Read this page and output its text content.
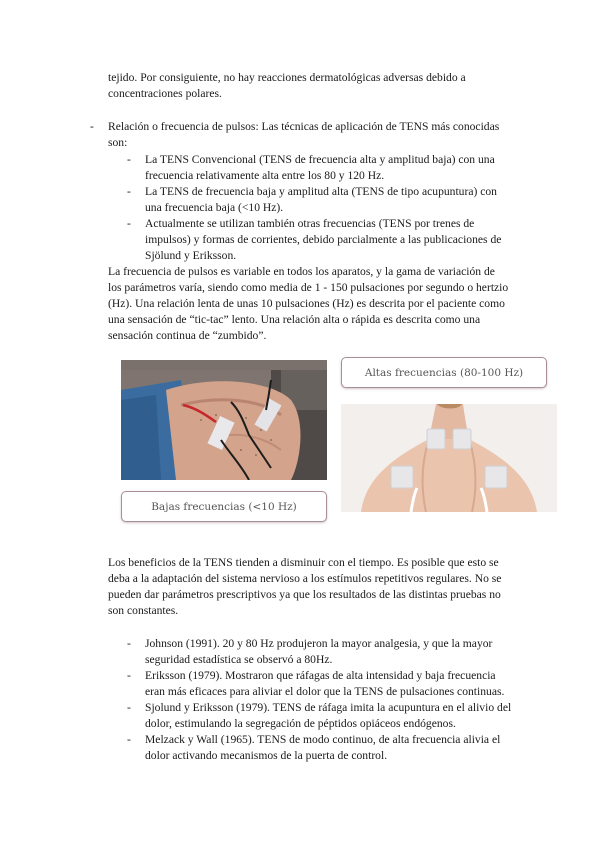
tejido. Por consiguiente, no hay reacciones dermatológicas adversas debido a
concentraciones polares.
- Relación o frecuencia de pulsos: Las técnicas de aplicación de TENS más conocidas
son:
- La TENS Convencional (TENS de frecuencia alta y amplitud baja) con una
frecuencia relativamente alta entre los 80 y 120 Hz.
- La TENS de frecuencia baja y amplitud alta (TENS de tipo acupuntura) con
una frecuencia baja (<10 Hz).
- Actualmente se utilizan también otras frecuencias (TENS por trenes de
impulsos) y formas de corrientes, debido parcialmente a las publicaciones de
Sjölund y Eriksson.
La frecuencia de pulsos es variable en todos los aparatos, y la gama de variación de
los parámetros varía, siendo como media de 1 - 150 pulsaciones por segundo o hertzio
(Hz). Una relación lenta de unas 10 pulsaciones (Hz) es descrita por el paciente como
una sensación de “tic-tac” lento. Una relación alta o rápida es descrita como una
sensación continua de “zumbido”.
Altas frecuencias (80-100 Hz)
Bajas frecuencias (<10 Hz)
Los beneficios de la TENS tienden a disminuir con el tiempo. Es posible que esto se
deba a la adaptación del sistema nervioso a los estímulos repetitivos regulares. No se
pueden dar parámetros prescriptivos ya que los resultados de las distintas pruebas no
son constantes.
- Johnson (1991). 20 y 80 Hz produjeron la mayor analgesia, y que la mayor
seguridad estadística se observó a 80Hz.
- Eriksson (1979). Mostraron que ráfagas de alta intensidad y baja frecuencia
eran más eficaces para aliviar el dolor que la TENS de pulsaciones continuas.
- Sjolund y Eriksson (1979). TENS de ráfaga imita la acupuntura en el alivio del
dolor, estimulando la segregación de péptidos opiáceos endógenos.
- Melzack y Wall (1965). TENS de modo continuo, de alta frecuencia alivia el
dolor activando mecanismos de la puerta de control.
